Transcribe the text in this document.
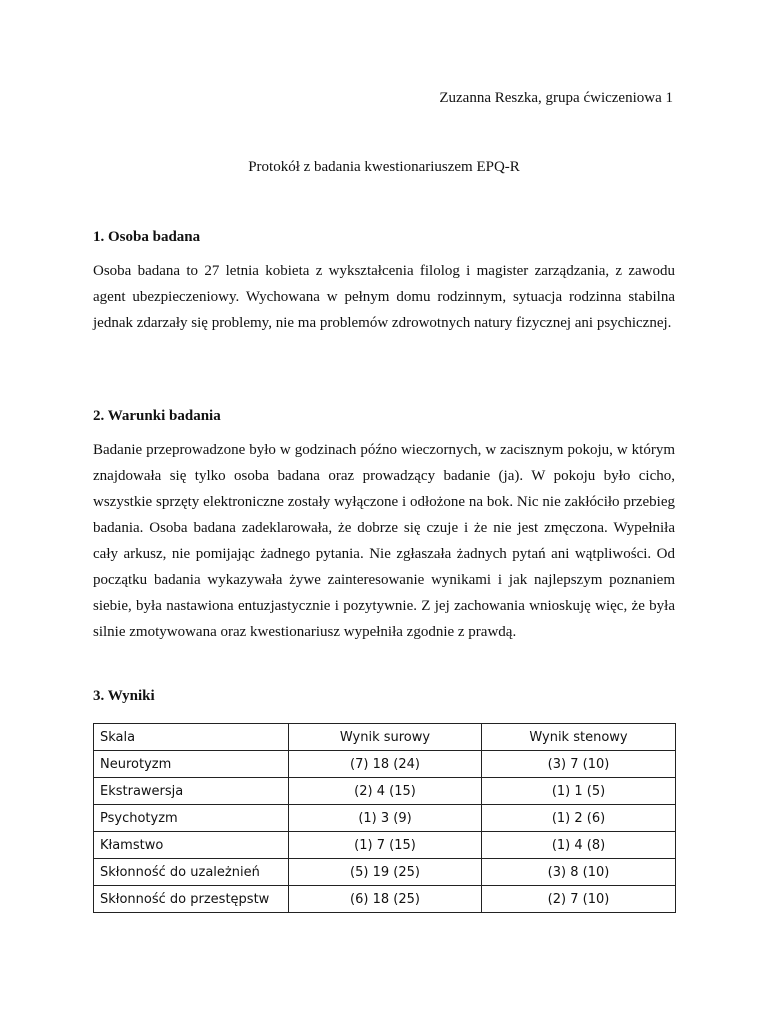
Zuzanna Reszka, grupa ćwiczeniowa 1
Protokół z badania kwestionariuszem EPQ-R
1. Osoba badana

Osoba badana to 27 letnia kobieta z wykształcenia filolog i magister zarządzania, z zawodu agent ubezpieczeniowy. Wychowana w pełnym domu rodzinnym, sytuacja rodzinna stabilna jednak zdarzały się problemy, nie ma problemów zdrowotnych natury fizycznej ani psychicznej.

2. Warunki badania

Badanie przeprowadzone było w godzinach późno wieczornych, w zacisznym pokoju, w którym znajdowała się tylko osoba badana oraz prowadzący badanie (ja). W pokoju było cicho, wszystkie sprzęty elektroniczne zostały wyłączone i odłożone na bok. Nic nie zakłóciło przebieg badania. Osoba badana zadeklarowała, że dobrze się czuje i że nie jest zmęczona. Wypełniła cały arkusz, nie pomijając żadnego pytania. Nie zgłaszała żadnych pytań ani wątpliwości. Od początku badania wykazywała żywe zainteresowanie wynikami i jak najlepszym poznaniem siebie, była nastawiona entuzjastycznie i pozytywnie. Z jej zachowania wnioskuję więc, że była silnie zmotywowana oraz kwestionariusz wypełniła zgodnie z prawdą.

3. Wyniki
Skala	Wynik surowy	Wynik stenowy
Neurotyzm	(7) 18 (24)	(3) 7 (10)
Ekstrawersja	(2) 4 (15)	(1) 1 (5)
Psychotyzm	(1) 3 (9)	(1) 2 (6)
Kłamstwo	(1) 7 (15)	(1) 4 (8)
Skłonność do uzależnień	(5) 19 (25)	(3) 8 (10)
Skłonność do przestępstw	(6) 18 (25)	(2) 7 (10)
